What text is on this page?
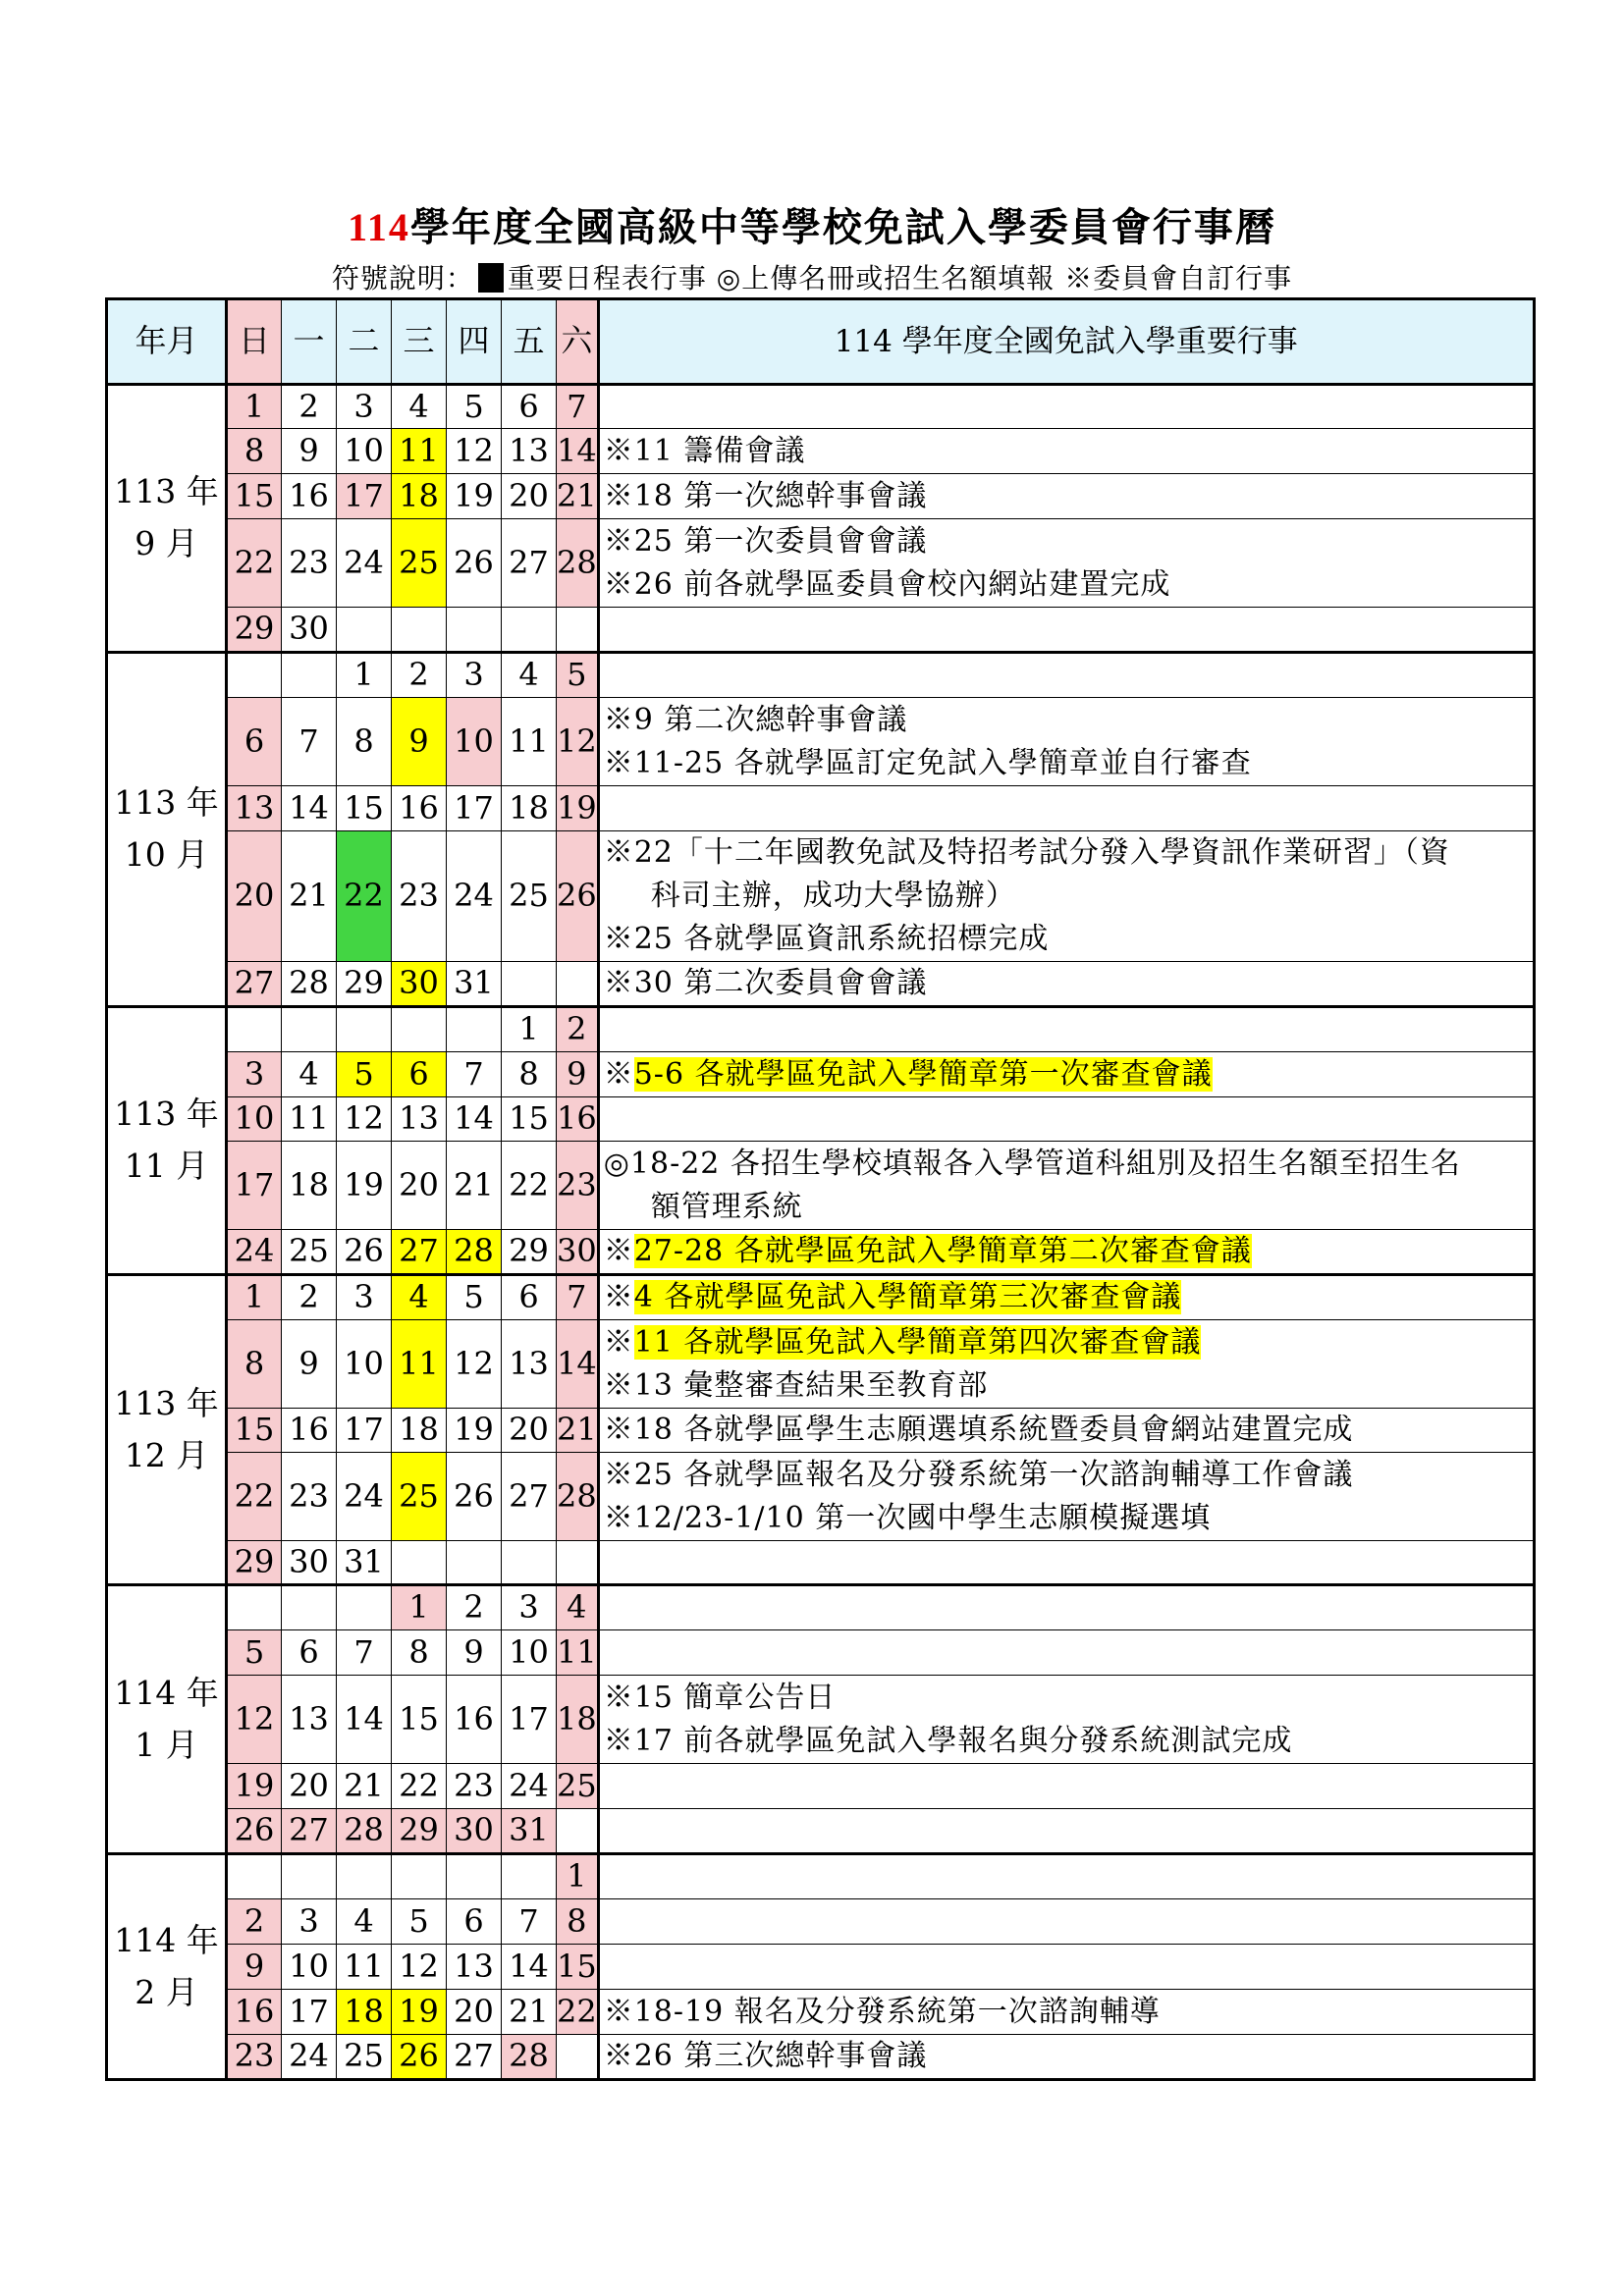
114學年度全國高級中等學校免試入學委員會行事曆
符號說明： 重要日程表行事 ◎上傳名冊或招生名額填報 ※委員會自訂行事
年月	日	一	二	三	四	五	六	114 學年度全國免試入學重要行事

113 年
9 月	1	2	3	4	5	6	7	
	8	9	10	11	12	13	14	※11 籌備會議

	15	16	17	18	19	20	21	※18 第一次總幹事會議

	22	23	24	25	26	27	28	※25 第一次委員會會議
※26 前各就學區委員會校內網站建置完成

	29	30						

113 年
10 月			1	2	3	4	5	
	6	7	8	9	10	11	12	※9 第二次總幹事會議
※11-25 各就學區訂定免試入學簡章並自行審查

	13	14	15	16	17	18	19	
	20	21	22	23	24	25	26	※22「十二年國教免試及特招考試分發入學資訊作業研習」（資
科司主辦，成功大學協辦）
※25 各就學區資訊系統招標完成

	27	28	29	30	31			※30 第二次委員會會議

113 年
11 月						1	2	
	3	4	5	6	7	8	9	※5-6 各就學區免試入學簡章第一次審查會議

	10	11	12	13	14	15	16	
	17	18	19	20	21	22	23	◎18-22 各招生學校填報各入學管道科組別及招生名額至招生名
額管理系統

	24	25	26	27	28	29	30	※27-28 各就學區免試入學簡章第二次審查會議

113 年
12 月	1	2	3	4	5	6	7	※4 各就學區免試入學簡章第三次審查會議

	8	9	10	11	12	13	14	※11 各就學區免試入學簡章第四次審查會議
※13 彙整審查結果至教育部

	15	16	17	18	19	20	21	※18 各就學區學生志願選填系統暨委員會網站建置完成

	22	23	24	25	26	27	28	※25 各就學區報名及分發系統第一次諮詢輔導工作會議
※12/23-1/10 第一次國中學生志願模擬選填

	29	30	31					

114 年
1 月				1	2	3	4	
	5	6	7	8	9	10	11	
	12	13	14	15	16	17	18	※15 簡章公告日
※17 前各就學區免試入學報名與分發系統測試完成

	19	20	21	22	23	24	25	
	26	27	28	29	30	31		

114 年
2 月							1	
	2	3	4	5	6	7	8	
	9	10	11	12	13	14	15	
	16	17	18	19	20	21	22	※18-19 報名及分發系統第一次諮詢輔導

	23	24	25	26	27	28		※26 第三次總幹事會議
